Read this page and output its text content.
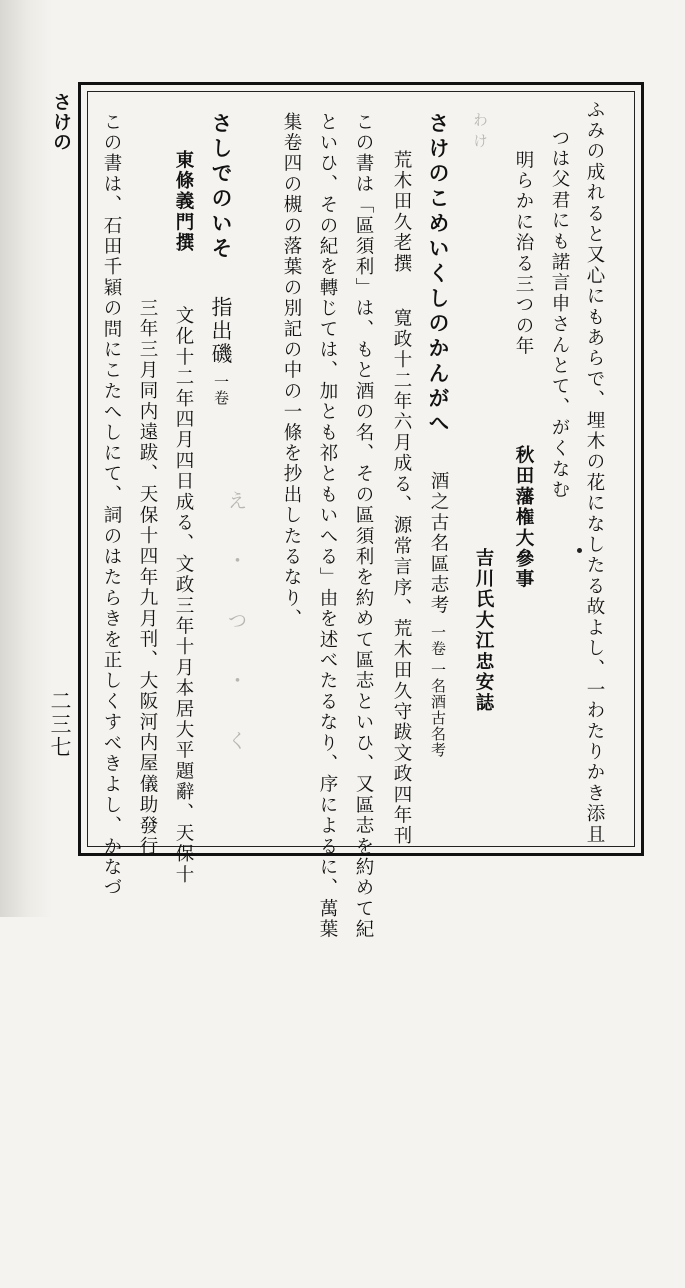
さけの
二三七	ふみの成れると又心にもあらで、埋木の花になしたる故よし、一わたりかき添且
つは父君にも諾言申さんとて、がくなむ
明らかに治る三つの年  秋田藩権大參事
吉川氏大江忠安誌
わけ
さけのこめいくしのかんがへ  酒之古名區志考 一卷 一名酒古名考
荒木田久老撰  寛政十二年六月成る、源常言序、荒木田久守跋文政四年刊
この書は「區須利」は、もと酒の名、その區須利を約めて區志といひ、又區志を約めて紀
といひ、その紀を轉じては、加とも祁ともいへる」由を述べたるなり、序によるに、萬葉
集卷四の槻の落葉の別記の中の一條を抄出したるなり、
さしでのいそ  指出磯 一卷
え・つ・く
東條義門撰  文化十二年四月四日成る、文政三年十月本居大平題辭、天保十
三年三月同内遠跋、天保十四年九月刊、大阪河内屋儀助發行
この書は、石田千穎の問にこたへしにて、詞のはたらきを正しくすべきよし、かなづ
